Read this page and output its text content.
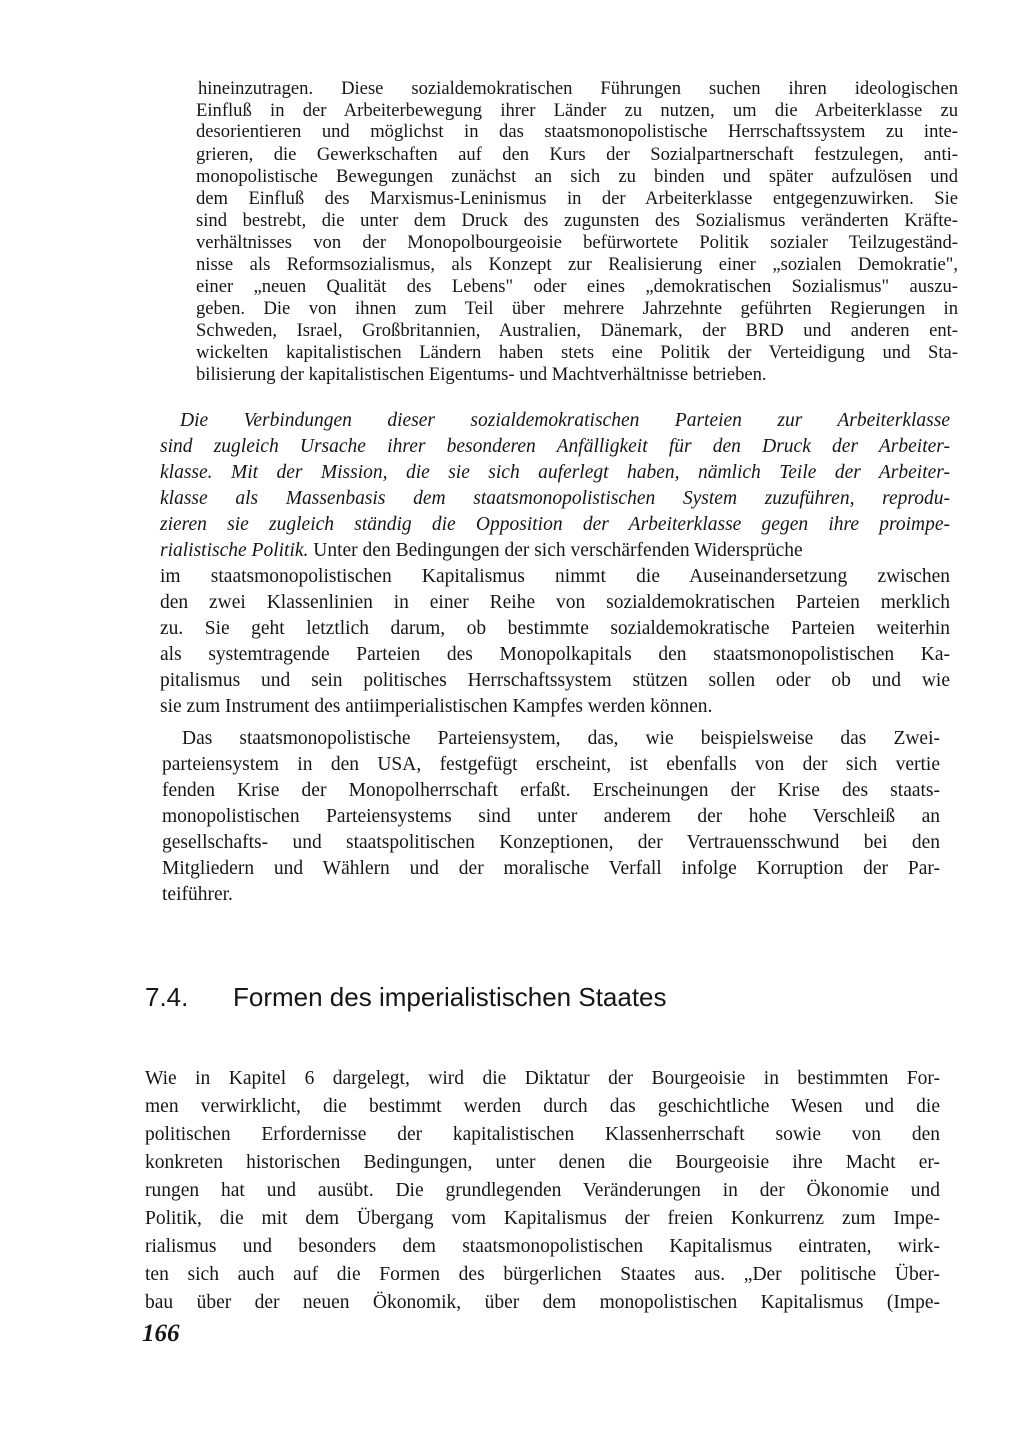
hineinzutragen. Diese sozialdemokratischen Führungen suchen ihren ideologischen
Einfluß in der Arbeiterbewegung ihrer Länder zu nutzen, um die Arbeiterklasse zu
desorientieren und möglichst in das staatsmonopolistische Herrschaftssystem zu inte-
grieren, die Gewerkschaften auf den Kurs der Sozialpartnerschaft festzulegen, anti-
monopolistische Bewegungen zunächst an sich zu binden und später aufzulösen und
dem Einfluß des Marxismus-Leninismus in der Arbeiterklasse entgegenzuwirken. Sie
sind bestrebt, die unter dem Druck des zugunsten des Sozialismus veränderten Kräfte-
verhältnisses von der Monopolbourgeoisie befürwortete Politik sozialer Teilzugeständ-
nisse als Reformsozialismus, als Konzept zur Realisierung einer „sozialen Demokratie",
einer „neuen Qualität des Lebens" oder eines „demokratischen Sozialismus" auszu-
geben. Die von ihnen zum Teil über mehrere Jahrzehnte geführten Regierungen in
Schweden, Israel, Großbritannien, Australien, Dänemark, der BRD und anderen ent-
wickelten kapitalistischen Ländern haben stets eine Politik der Verteidigung und Sta-
bilisierung der kapitalistischen Eigentums- und Machtverhältnisse betrieben.
Die Verbindungen dieser sozialdemokratischen Parteien zur Arbeiterklasse
sind zugleich Ursache ihrer besonderen Anfälligkeit für den Druck der Arbeiter-
klasse. Mit der Mission, die sie sich auferlegt haben, nämlich Teile der Arbeiter-
klasse als Massenbasis dem staatsmonopolistischen System zuzuführen, reprodu-
zieren sie zugleich ständig die Opposition der Arbeiterklasse gegen ihre proimpe-
rialistische Politik. Unter den Bedingungen der sich verschärfenden Widersprüche
im staatsmonopolistischen Kapitalismus nimmt die Auseinandersetzung zwischen
den zwei Klassenlinien in einer Reihe von sozialdemokratischen Parteien merklich
zu. Sie geht letztlich darum, ob bestimmte sozialdemokratische Parteien weiterhin
als systemtragende Parteien des Monopolkapitals den staatsmonopolistischen Ka-
pitalismus und sein politisches Herrschaftssystem stützen sollen oder ob und wie
sie zum Instrument des antiimperialistischen Kampfes werden können.
Das staatsmonopolistische Parteiensystem, das, wie beispielsweise das Zwei-
parteiensystem in den USA, festgefügt erscheint, ist ebenfalls von der sich vertie
fenden Krise der Monopolherrschaft erfaßt. Erscheinungen der Krise des staats-
monopolistischen Parteiensystems sind unter anderem der hohe Verschleiß an
gesellschafts- und staatspolitischen Konzeptionen, der Vertrauensschwund bei den
Mitgliedern und Wählern und der moralische Verfall infolge Korruption der Par-
teiführer.
7.4. Formen des imperialistischen Staates
Wie in Kapitel 6 dargelegt, wird die Diktatur der Bourgeoisie in bestimmten For-
men verwirklicht, die bestimmt werden durch das geschichtliche Wesen und die
politischen Erfordernisse der kapitalistischen Klassenherrschaft sowie von den
konkreten historischen Bedingungen, unter denen die Bourgeoisie ihre Macht er-
rungen hat und ausübt. Die grundlegenden Veränderungen in der Ökonomie und
Politik, die mit dem Übergang vom Kapitalismus der freien Konkurrenz zum Impe-
rialismus und besonders dem staatsmonopolistischen Kapitalismus eintraten, wirk-
ten sich auch auf die Formen des bürgerlichen Staates aus. „Der politische Über-
bau über der neuen Ökonomik, über dem monopolistischen Kapitalismus (Impe-
166
